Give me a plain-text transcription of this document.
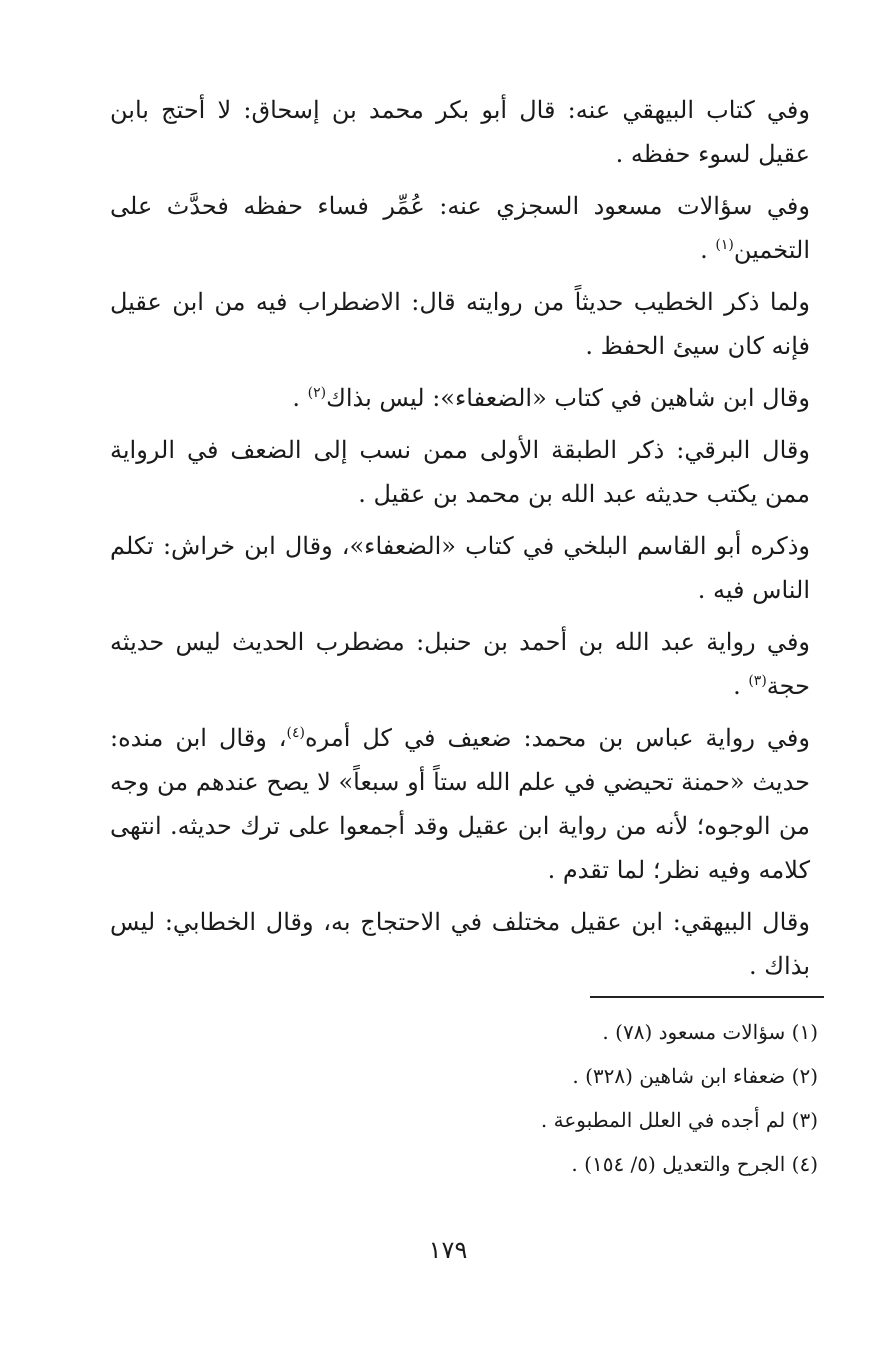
وفي كتاب البيهقي عنه: قال أبو بكر محمد بن إسحاق: لا أحتج بابن عقيل لسوء حفظه .

وفي سؤالات مسعود السجزي عنه: عُمِّر فساء حفظه فحدَّث على التخمين$^{(١)}$ .

ولما ذكر الخطيب حديثاً من روايته قال: الاضطراب فيه من ابن عقيل فإنه كان سيئ الحفظ .

وقال ابن شاهين في كتاب «الضعفاء»: ليس بذاك$^{(٢)}$ .

وقال البرقي: ذكر الطبقة الأولى ممن نسب إلى الضعف في الرواية ممن يكتب حديثه عبد الله بن محمد بن عقيل .

وذكره أبو القاسم البلخي في كتاب «الضعفاء»، وقال ابن خراش: تكلم الناس فيه .

وفي رواية عبد الله بن أحمد بن حنبل: مضطرب الحديث ليس حديثه حجة$^{(٣)}$ .

وفي رواية عباس بن محمد: ضعيف في كل أمره$^{(٤)}$، وقال ابن منده: حديث «حمنة تحيضي في علم الله ستاً أو سبعاً» لا يصح عندهم من وجه من الوجوه؛ لأنه من رواية ابن عقيل وقد أجمعوا على ترك حديثه. انتهى كلامه وفيه نظر؛ لما تقدم .

وقال البيهقي: ابن عقيل مختلف في الاحتجاج به، وقال الخطابي: ليس بذاك .

(١) سؤالات مسعود (٧٨) .

(٢) ضعفاء ابن شاهين (٣٢٨) .

(٣) لم أجده في العلل المطبوعة .

(٤) الجرح والتعديل (٥/ ١٥٤) .

١٧٩
